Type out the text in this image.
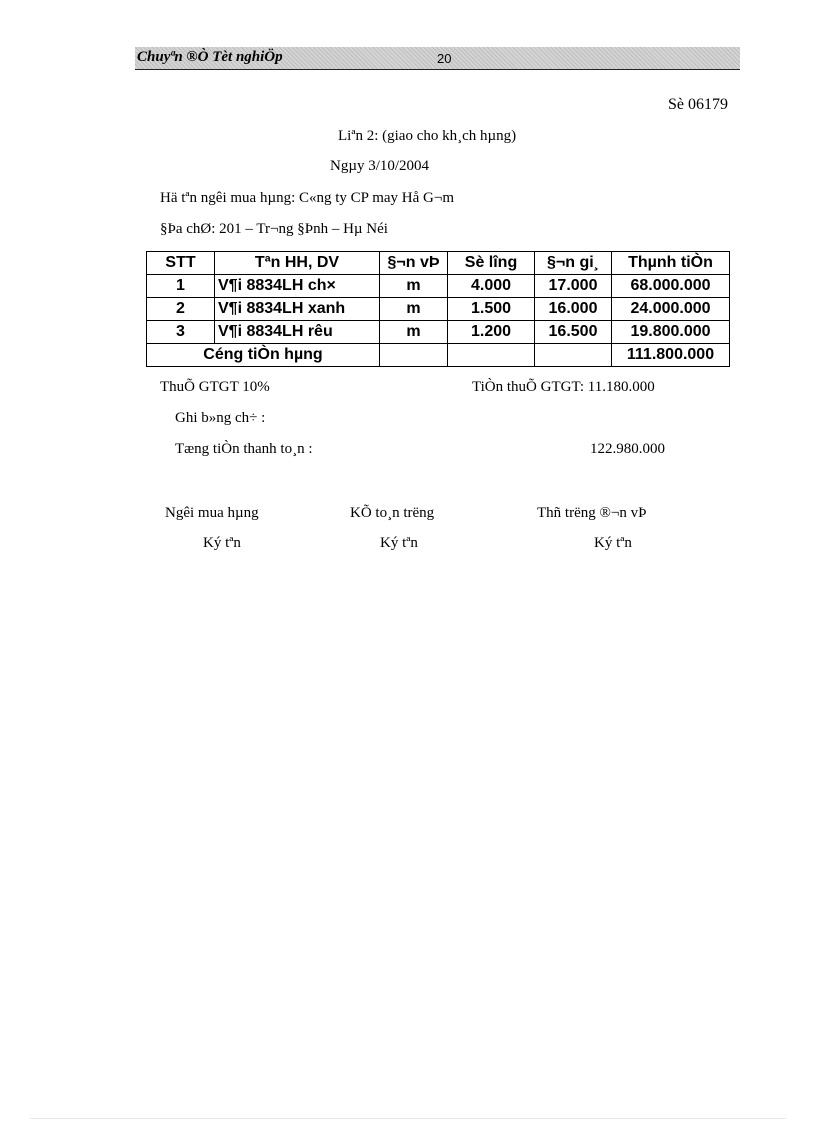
Chuyªn ®Ò Tèt nghiÖp	20
Sè 06179
Liªn 2: (giao cho kh¸ch hµng)
Ngµy 3/10/2004
Hä tªn ngêi mua hµng: C«ng ty CP may Hå G¬m
§Þa chØ: 201 – Tr¬ng §Þnh – Hµ Néi
STT	Tªn HH, DV	§¬n vÞ	Sè lîng	§¬n gi¸	Thµnh tiÒn
1	V¶i 8834LH ch×	m	4.000	17.000	68.000.000
2	V¶i 8834LH xanh	m	1.500	16.000	24.000.000
3	V¶i 8834LH rêu	m	1.200	16.500	19.800.000
Céng tiÒn hµng					111.800.000
ThuÕ GTGT 10%	TiÒn thuÕ GTGT: 11.180.000
Ghi b»ng ch÷ :
Tæng tiÒn thanh to¸n :	122.980.000
Ngêi mua hµng	KÕ to¸n trëng	Thñ trëng ®¬n vÞ
Ký tªn	Ký tªn	Ký tªn
